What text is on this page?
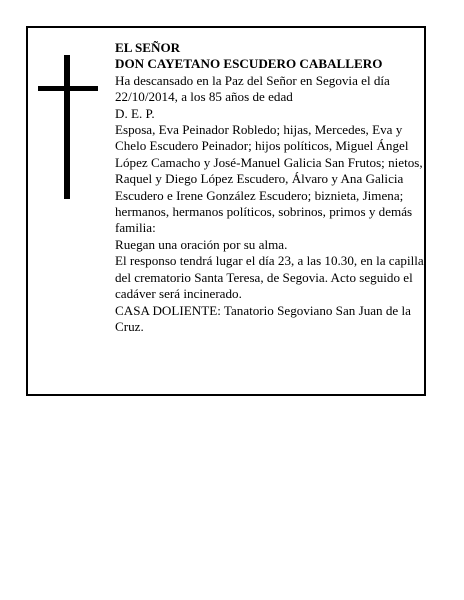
EL SEÑOR

DON CAYETANO ESCUDERO CABALLERO

Ha descansado en la Paz del Señor en Segovia el día 22/10/2014, a los 85 años de edad

D. E. P.

Esposa, Eva Peinador Robledo; hijas, Mercedes, Eva y Chelo Escudero Peinador; hijos políticos, Miguel Ángel López Camacho y José-Manuel Galicia San Frutos; nietos, Raquel y Diego López Escudero, Álvaro y Ana Galicia Escudero e Irene González Escudero; biznieta, Jimena; hermanos, hermanos políticos, sobrinos, primos y demás familia:

Ruegan una oración por su alma.

El responso tendrá lugar el día 23, a las 10.30, en la capilla del crematorio Santa Teresa, de Segovia. Acto seguido el cadáver será incinerado.

CASA DOLIENTE: Tanatorio Segoviano San Juan de la Cruz.
